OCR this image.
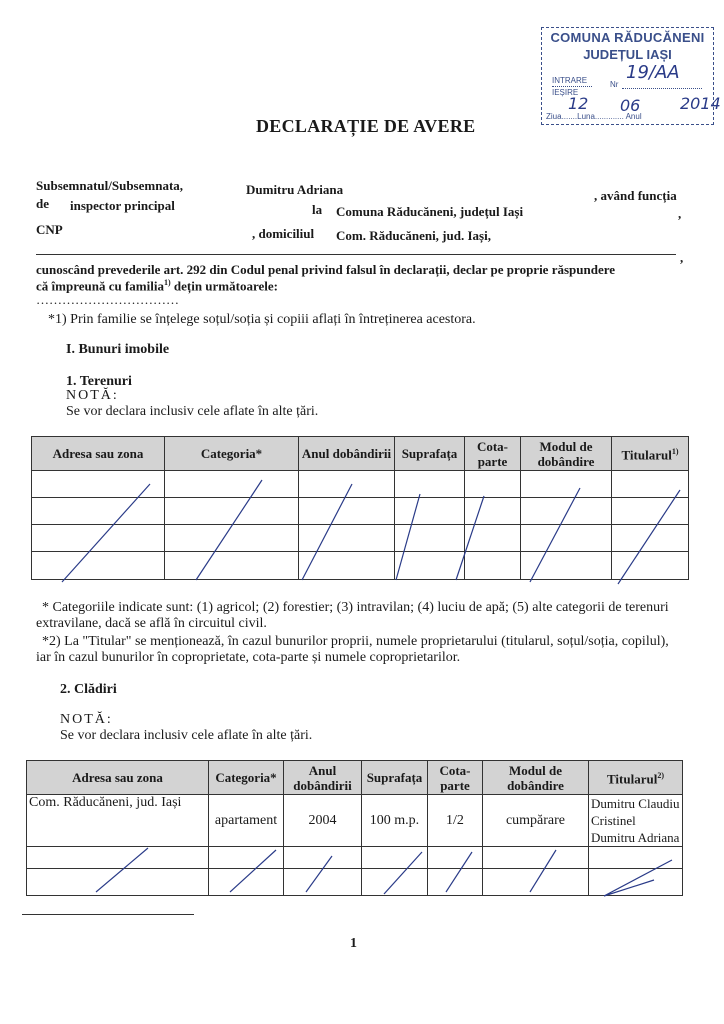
COMUNA RĂDUCĂNENI
JUDEȚUL IAȘI
INTRARE
IEȘIRE
Nr
19/AA
12 06 2014
Ziua.......Luna............. Anul
DECLARAȚIE DE AVERE
Subsemnatul/Subsemnata,	Dumitru Adriana	, având funcția
de inspector principal	la Comuna Răducăneni, județul Iași	,
CNP	, domiciliul Com. Răducăneni, jud. Iași,
,
cunoscând prevederile art. 292 din Codul penal privind falsul în declarații, declar pe proprie răspundere
că împreună cu familia$^{1)}$ dețin următoarele:
……………………………
*1) Prin familie se înțelege soțul/soția și copiii aflați în întreținerea acestora.
I. Bunuri imobile
1. Terenuri
NOTĂ:
Se vor declara inclusiv cele aflate în alte țări.
Adresa sau zona	Categoria*	Anul dobândirii	Suprafața	Cota-parte	Modul de dobândire	Titularul$^{1)}$

* Categoriile indicate sunt: (1) agricol; (2) forestier; (3) intravilan; (4) luciu de apă; (5) alte categorii de terenuri
extravilane, dacă se află în circuitul civil.
*2) La "Titular" se menționează, în cazul bunurilor proprii, numele proprietarului (titularul, soțul/soția, copilul),
iar în cazul bunurilor în coproprietate, cota-parte și numele coproprietarilor.
2. Clădiri
NOTĂ:
Se vor declara inclusiv cele aflate în alte țări.
Adresa sau zona	Categoria*	Anul dobândirii	Suprafața	Cota-parte	Modul de dobândire	Titularul$^{2)}$
Com. Răducăneni, jud. Iași	apartament	2004	100 m.p.	1/2	cumpărare	Dumitru Claudiu
Cristinel
Dumitru Adriana

1
